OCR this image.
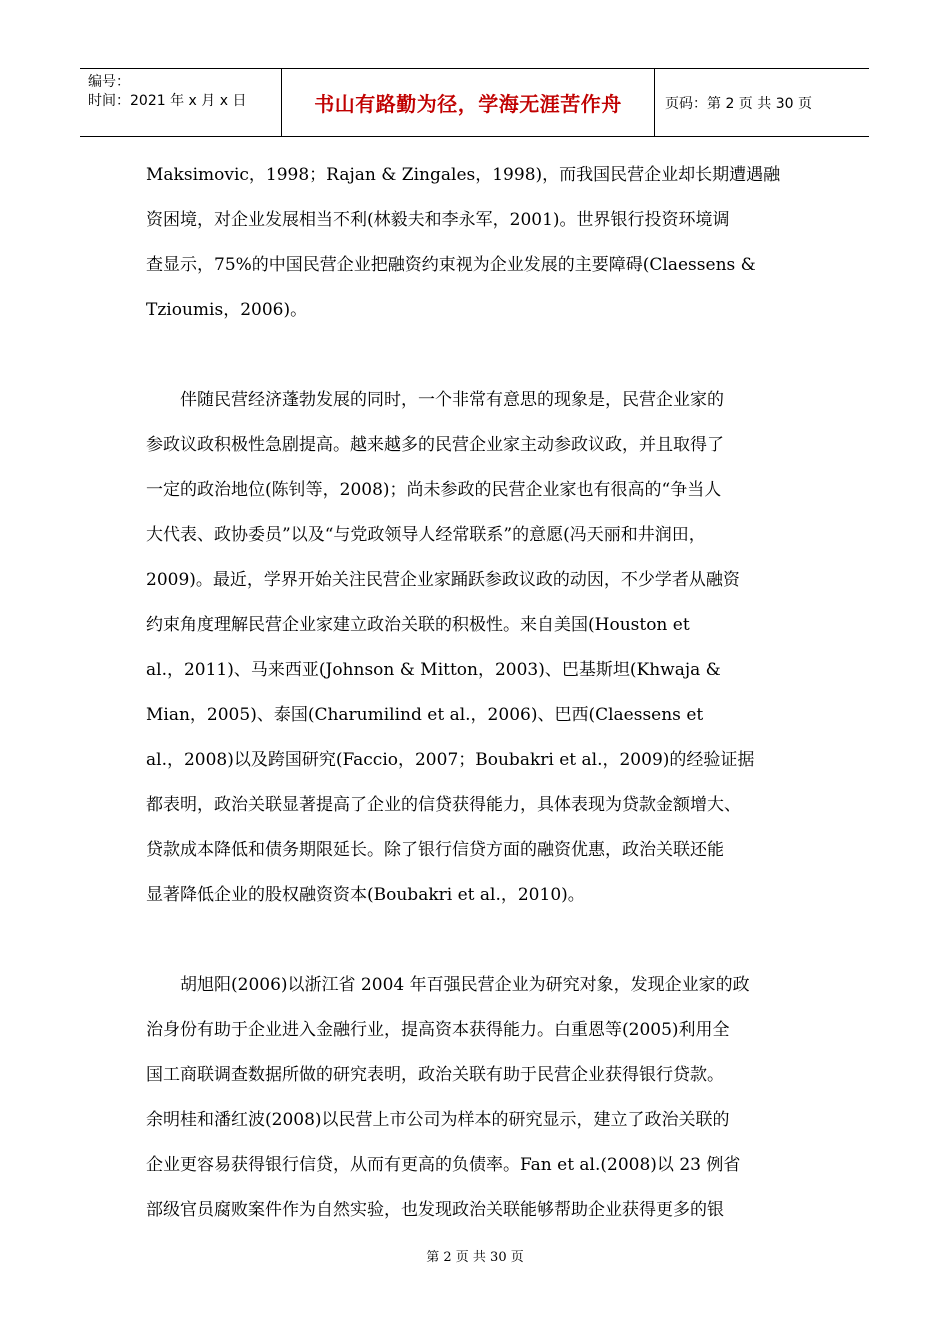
编号：
时间：2021 年 x 月 x 日	书山有路勤为径，学海无涯苦作舟	页码：第 2 页 共 30 页

Maksimovic，1998；Rajan & Zingales，1998)，而我国民营企业却长期遭遇融

资困境，对企业发展相当不利(林毅夫和李永军，2001)。世界银行投资环境调

查显示，75%的中国民营企业把融资约束视为企业发展的主要障碍(Claessens &

Tzioumis，2006)。

　　伴随民营经济蓬勃发展的同时，一个非常有意思的现象是，民营企业家的

参政议政积极性急剧提高。越来越多的民营企业家主动参政议政，并且取得了

一定的政治地位(陈钊等，2008)；尚未参政的民营企业家也有很高的“争当人

大代表、政协委员”以及“与党政领导人经常联系”的意愿(冯天丽和井润田，

2009)。最近，学界开始关注民营企业家踊跃参政议政的动因，不少学者从融资

约束角度理解民营企业家建立政治关联的积极性。来自美国(Houston et

al.，2011)、马来西亚(Johnson & Mitton，2003)、巴基斯坦(Khwaja &

Mian，2005)、泰国(Charumilind et al.，2006)、巴西(Claessens et

al.，2008)以及跨国研究(Faccio，2007；Boubakri et al.，2009)的经验证据

都表明，政治关联显著提高了企业的信贷获得能力，具体表现为贷款金额增大、

贷款成本降低和债务期限延长。除了银行信贷方面的融资优惠，政治关联还能

显著降低企业的股权融资资本(Boubakri et al.，2010)。

　　胡旭阳(2006)以浙江省 2004 年百强民营企业为研究对象，发现企业家的政

治身份有助于企业进入金融行业，提高资本获得能力。白重恩等(2005)利用全

国工商联调查数据所做的研究表明，政治关联有助于民营企业获得银行贷款。

余明桂和潘红波(2008)以民营上市公司为样本的研究显示，建立了政治关联的

企业更容易获得银行信贷，从而有更高的负债率。Fan et al.(2008)以 23 例省

部级官员腐败案件作为自然实验，也发现政治关联能够帮助企业获得更多的银

第 2 页 共 30 页
